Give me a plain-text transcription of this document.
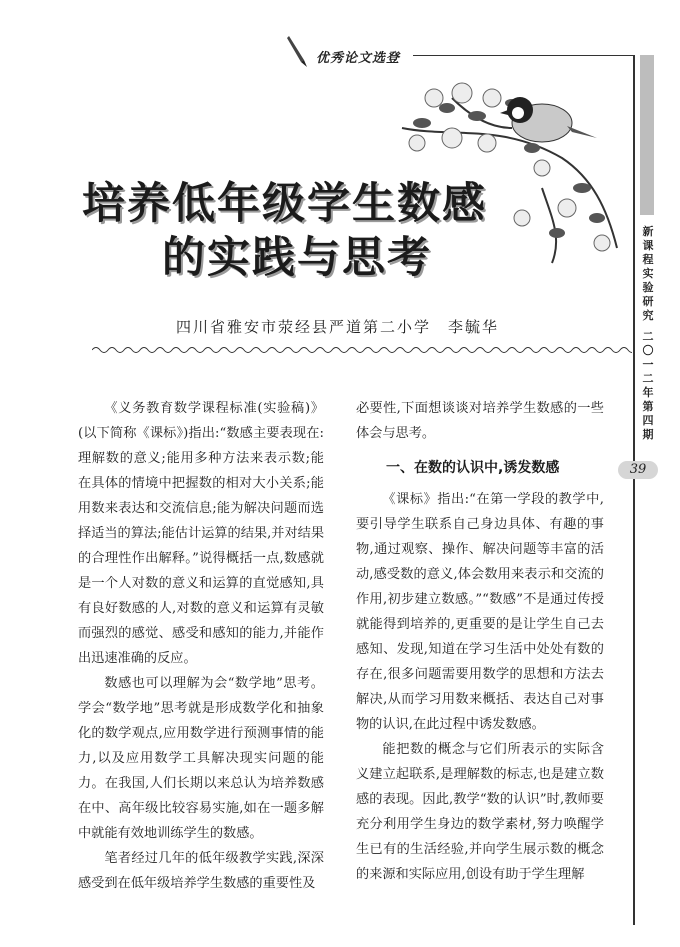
优秀论文选登
培养低年级学生数感
的实践与思考
四川省雅安市荥经县严道第二小学　李毓华
新
课
程
实
验
研
究
二
〇
一
二
年
第
四
期
39

《义务教育数学课程标准(实验稿)》(以下简称《课标》)指出:“数感主要表现在:理解数的意义;能用多种方法来表示数;能在具体的情境中把握数的相对大小关系;能用数来表达和交流信息;能为解决问题而选择适当的算法;能估计运算的结果,并对结果的合理性作出解释。”说得概括一点,数感就是一个人对数的意义和运算的直觉感知,具有良好数感的人,对数的意义和运算有灵敏而强烈的感觉、感受和感知的能力,并能作出迅速准确的反应。

数感也可以理解为会“数学地”思考。学会“数学地”思考就是形成数学化和抽象化的数学观点,应用数学进行预测事情的能力,以及应用数学工具解决现实问题的能力。在我国,人们长期以来总认为培养数感在中、高年级比较容易实施,如在一题多解中就能有效地训练学生的数感。

笔者经过几年的低年级教学实践,深深感受到在低年级培养学生数感的重要性及

必要性,下面想谈谈对培养学生数感的一些体会与思考。

一、在数的认识中,诱发数感

《课标》指出:“在第一学段的教学中,要引导学生联系自己身边具体、有趣的事物,通过观察、操作、解决问题等丰富的活动,感受数的意义,体会数用来表示和交流的作用,初步建立数感。”“数感”不是通过传授就能得到培养的,更重要的是让学生自己去感知、发现,知道在学习生活中处处有数的存在,很多问题需要用数学的思想和方法去解决,从而学习用数来概括、表达自己对事物的认识,在此过程中诱发数感。

能把数的概念与它们所表示的实际含义建立起联系,是理解数的标志,也是建立数感的表现。因此,教学“数的认识”时,教师要充分利用学生身边的数学素材,努力唤醒学生已有的生活经验,并向学生展示数的概念的来源和实际应用,创设有助于学生理解
